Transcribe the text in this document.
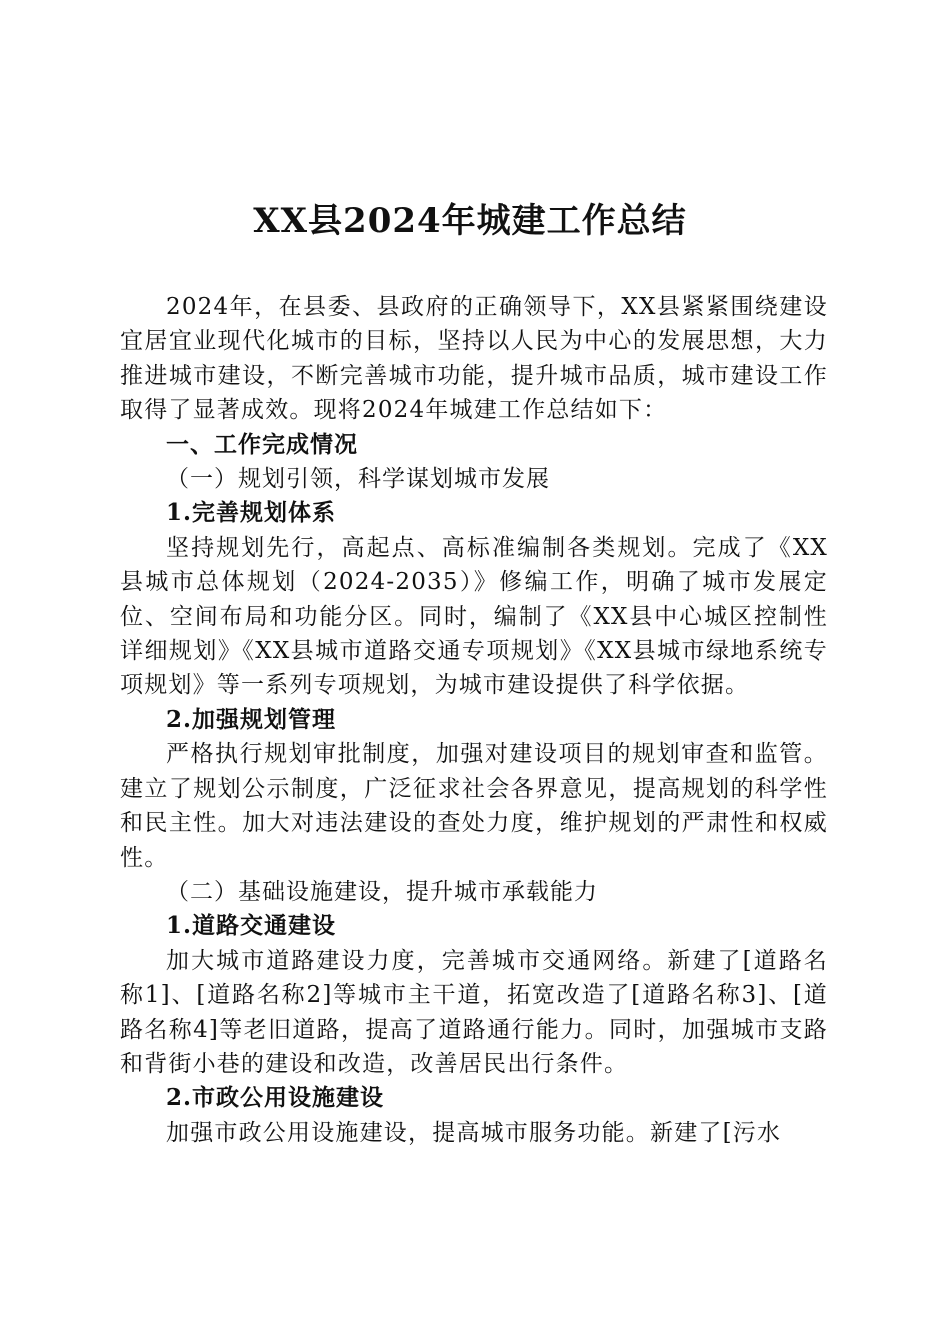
XX县2024年城建工作总结

2024年，在县委、县政府的正确领导下，XX县紧紧围绕建设宜居宜业现代化城市的目标，坚持以人民为中心的发展思想，大力推进城市建设，不断完善城市功能，提升城市品质，城市建设工作取得了显著成效。现将2024年城建工作总结如下：

一、工作完成情况

（一）规划引领，科学谋划城市发展

1.完善规划体系

坚持规划先行，高起点、高标准编制各类规划。完成了《XX县城市总体规划（2024-2035）》修编工作，明确了城市发展定位、空间布局和功能分区。同时，编制了《XX县中心城区控制性详细规划》《XX县城市道路交通专项规划》《XX县城市绿地系统专项规划》等一系列专项规划，为城市建设提供了科学依据。

2.加强规划管理

严格执行规划审批制度，加强对建设项目的规划审查和监管。建立了规划公示制度，广泛征求社会各界意见，提高规划的科学性和民主性。加大对违法建设的查处力度，维护规划的严肃性和权威性。

（二）基础设施建设，提升城市承载能力

1.道路交通建设

加大城市道路建设力度，完善城市交通网络。新建了[道路名称1]、[道路名称2]等城市主干道，拓宽改造了[道路名称3]、[道路名称4]等老旧道路，提高了道路通行能力。同时，加强城市支路和背街小巷的建设和改造，改善居民出行条件。

2.市政公用设施建设

加强市政公用设施建设，提高城市服务功能。新建了[污水
